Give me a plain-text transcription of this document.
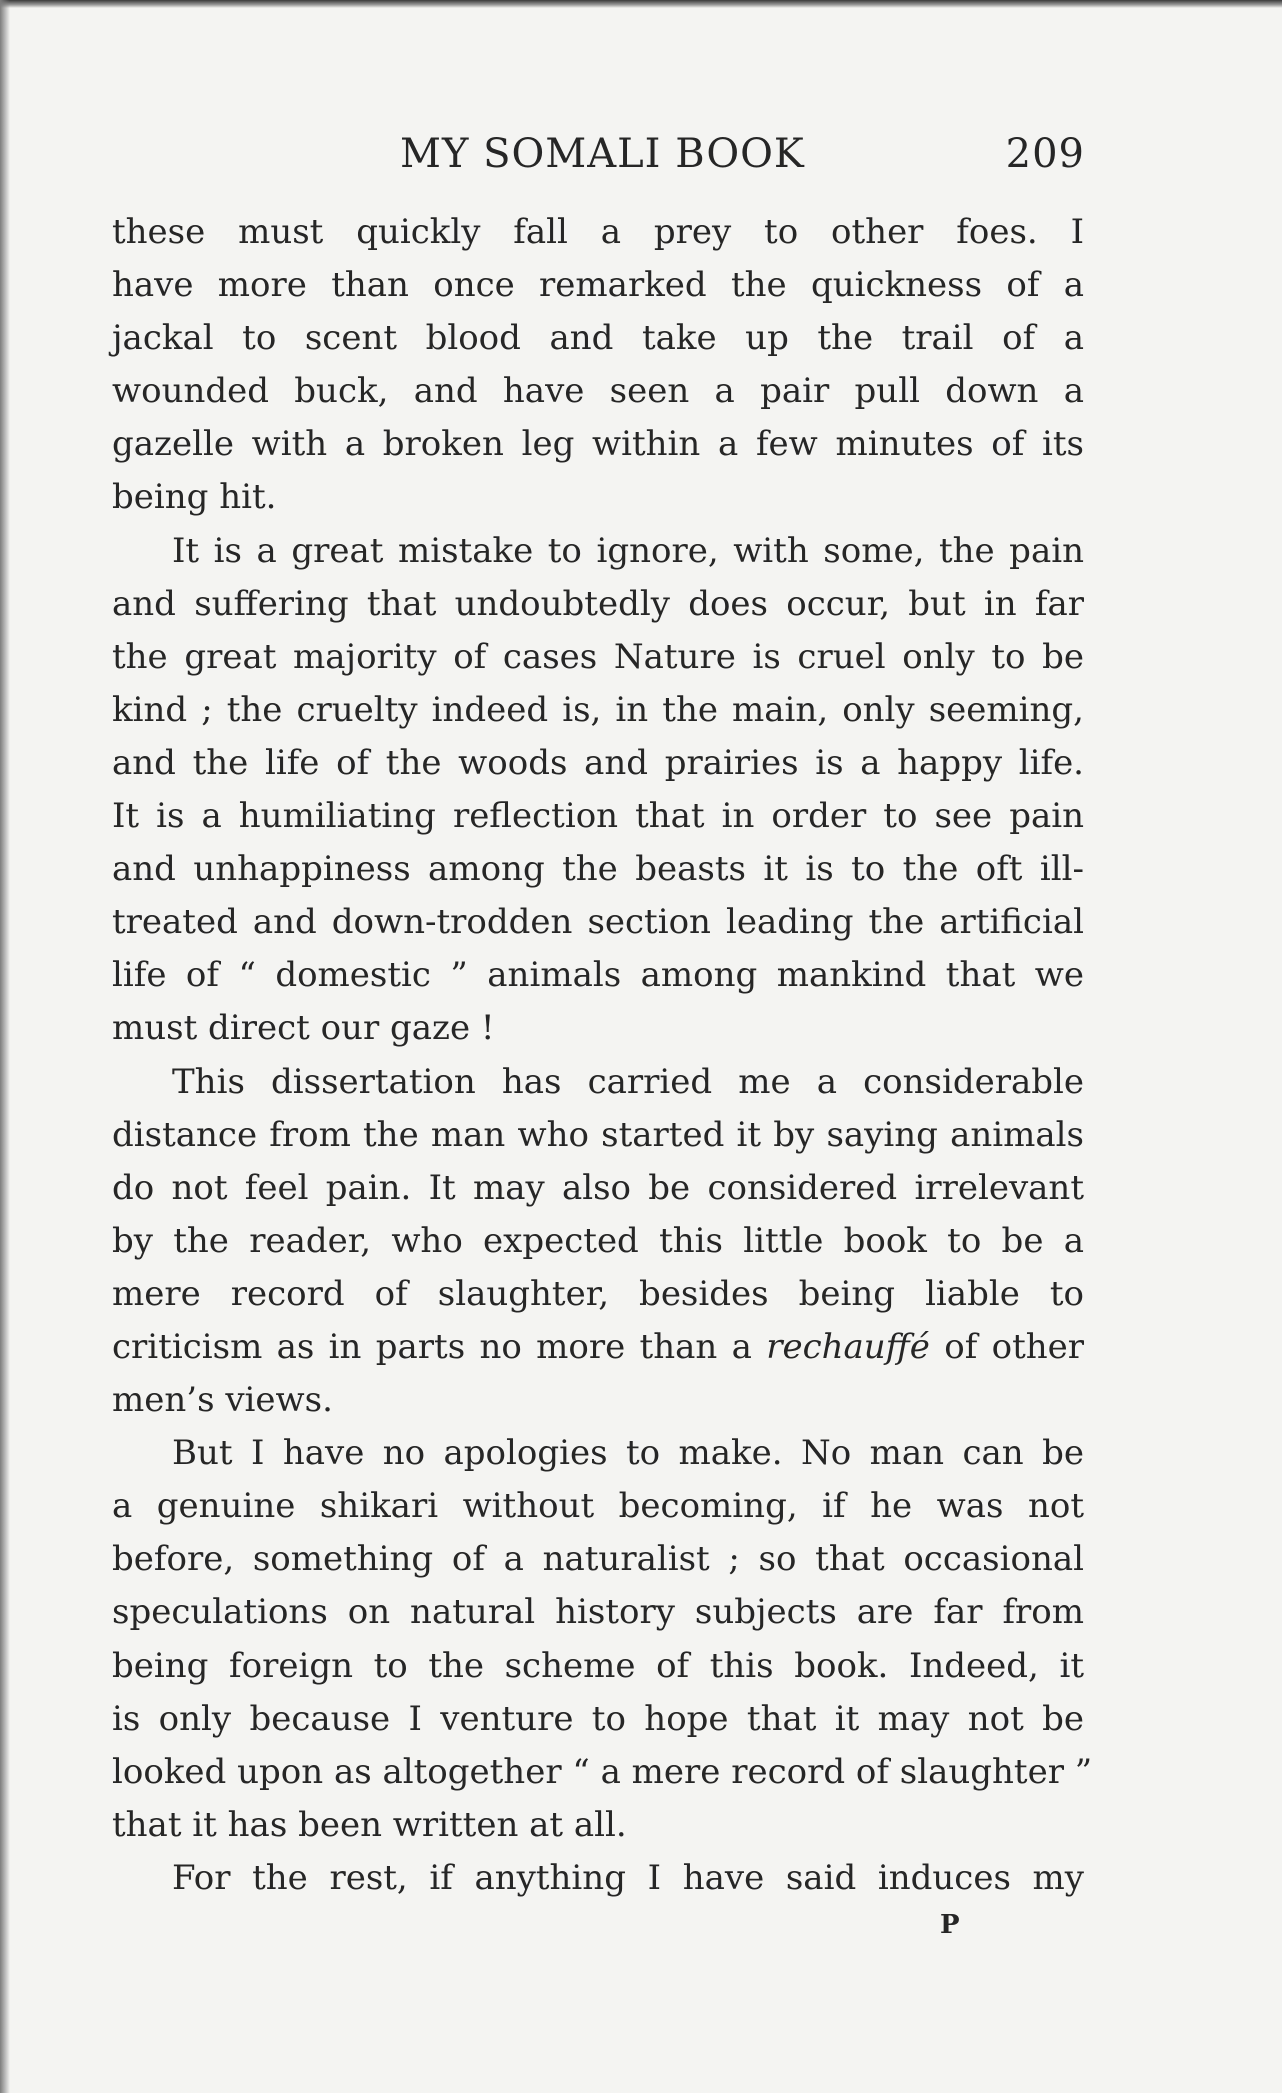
MY SOMALI BOOK	209
these must quickly fall a prey to other foes. I
have more than once remarked the quickness of a
jackal to scent blood and take up the trail of a
wounded buck, and have seen a pair pull down a
gazelle with a broken leg within a few minutes of its
being hit.
It is a great mistake to ignore, with some, the pain
and suffering that undoubtedly does occur, but in far
the great majority of cases Nature is cruel only to be
kind ; the cruelty indeed is, in the main, only seeming,
and the life of the woods and prairies is a happy life.
It is a humiliating reflection that in order to see pain
and unhappiness among the beasts it is to the oft ill-
treated and down-trodden section leading the artificial
life of “ domestic ” animals among mankind that we
must direct our gaze !
This dissertation has carried me a considerable
distance from the man who started it by saying animals
do not feel pain. It may also be considered irrelevant
by the reader, who expected this little book to be a
mere record of slaughter, besides being liable to
criticism as in parts no more than a rechauffé of other
men’s views.
But I have no apologies to make. No man can be
a genuine shikari without becoming, if he was not
before, something of a naturalist ; so that occasional
speculations on natural history subjects are far from
being foreign to the scheme of this book. Indeed, it
is only because I venture to hope that it may not be
looked upon as altogether “ a mere record of slaughter ”
that it has been written at all.
For the rest, if anything I have said induces my
P
